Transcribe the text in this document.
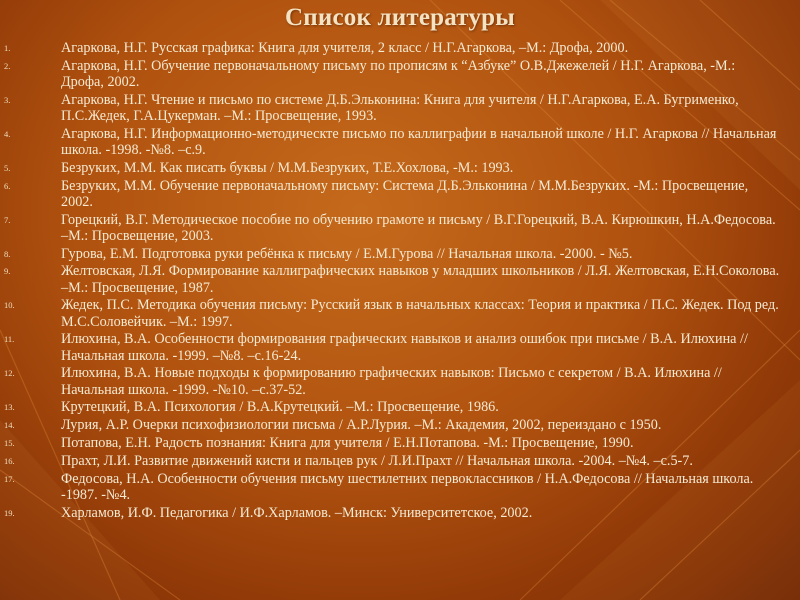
Список литературы
1.	Агаркова, Н.Г. Русская графика: Книга для учителя, 2 класс / Н.Г.Агаркова, –М.: Дрофа, 2000.
2.	Агаркова, Н.Г. Обучение первоначальному письму по прописям к “Азбуке” О.В.Джежелей / Н.Г. Агаркова, -М.: Дрофа, 2002.
3.	Агаркова, Н.Г. Чтение и письмо по системе Д.Б.Эльконина: Книга для учителя / Н.Г.Агаркова, Е.А. Бугрименко, П.С.Жедек, Г.А.Цукерман. –М.: Просвещение, 1993.
4.	Агаркова, Н.Г. Информационно-методическте письмо по каллиграфии в начальной школе / Н.Г. Агаркова // Начальная школа. -1998. -№8. –с.9.
5.	Безруких, М.М. Как писать буквы / М.М.Безруких, Т.Е.Хохлова, -М.: 1993.
6.	Безруких, М.М. Обучение первоначальному письму: Система Д.Б.Эльконина / М.М.Безруких. -М.: Просвещение, 2002.
7.	Горецкий, В.Г. Методическое пособие по обучению грамоте и письму / В.Г.Горецкий, В.А. Кирюшкин, Н.А.Федосова. –М.: Просвещение, 2003.
8.	Гурова, Е.М. Подготовка руки ребёнка к письму / Е.М.Гурова // Начальная школа. -2000. - №5.
9.	Желтовская, Л.Я. Формирование каллиграфических навыков у младших школьников / Л.Я. Желтовская, Е.Н.Соколова. –М.: Просвещение, 1987.
10.	Жедек, П.С. Методика обучения письму: Русский язык в начальных классах: Теория и практика / П.С. Жедек. Под ред. М.С.Соловейчик. –М.: 1997.
11.	Илюхина, В.А. Особенности формирования графических навыков и анализ ошибок при письме / В.А. Илюхина // Начальная школа. -1999. –№8. –с.16-24.
12.	Илюхина, В.А. Новые подходы к формированию графических навыков: Письмо с секретом / В.А. Илюхина // Начальная школа. -1999. -№10. –с.37-52.
13.	Крутецкий, В.А. Психология / В.А.Крутецкий. –М.: Просвещение, 1986.
14.	Лурия, А.Р. Очерки психофизиологии письма / А.Р.Лурия. –М.: Академия, 2002, переиздано с 1950.
15.	Потапова, Е.Н. Радость познания: Книга для учителя / Е.Н.Потапова. -М.: Просвещение, 1990.
16.	Прахт, Л.И. Развитие движений кисти и пальцев рук / Л.И.Прахт // Начальная школа. -2004. –№4. –с.5-7.
17.	Федосова, Н.А. Особенности обучения письму шестилетних первоклассников / Н.А.Федосова // Начальная школа. -1987. -№4.
19.	Харламов, И.Ф. Педагогика / И.Ф.Харламов. –Минск: Университетское, 2002.
